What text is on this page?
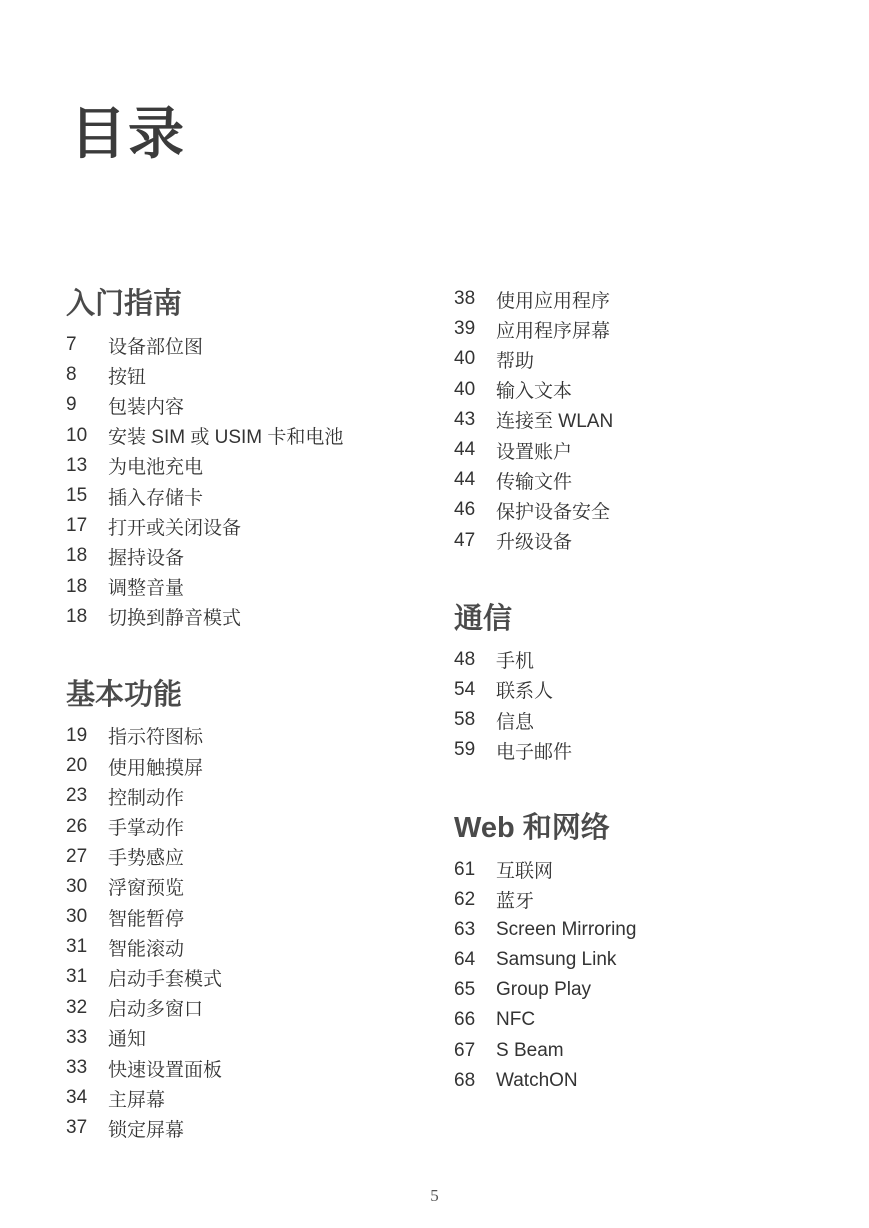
目录
入门指南
7	设备部位图
8	按钮
9	包装内容
10	安装 SIM 或 USIM 卡和电池
13	为电池充电
15	插入存储卡
17	打开或关闭设备
18	握持设备
18	调整音量
18	切换到静音模式
基本功能
19	指示符图标
20	使用触摸屏
23	控制动作
26	手掌动作
27	手势感应
30	浮窗预览
30	智能暂停
31	智能滚动
31	启动手套模式
32	启动多窗口
33	通知
33	快速设置面板
34	主屏幕
37	锁定屏幕
38	使用应用程序
39	应用程序屏幕
40	帮助
40	输入文本
43	连接至 WLAN
44	设置账户
44	传输文件
46	保护设备安全
47	升级设备
通信
48	手机
54	联系人
58	信息
59	电子邮件
Web 和网络
61	互联网
62	蓝牙
63	Screen Mirroring
64	Samsung Link
65	Group Play
66	NFC
67	S Beam
68	WatchON
5
